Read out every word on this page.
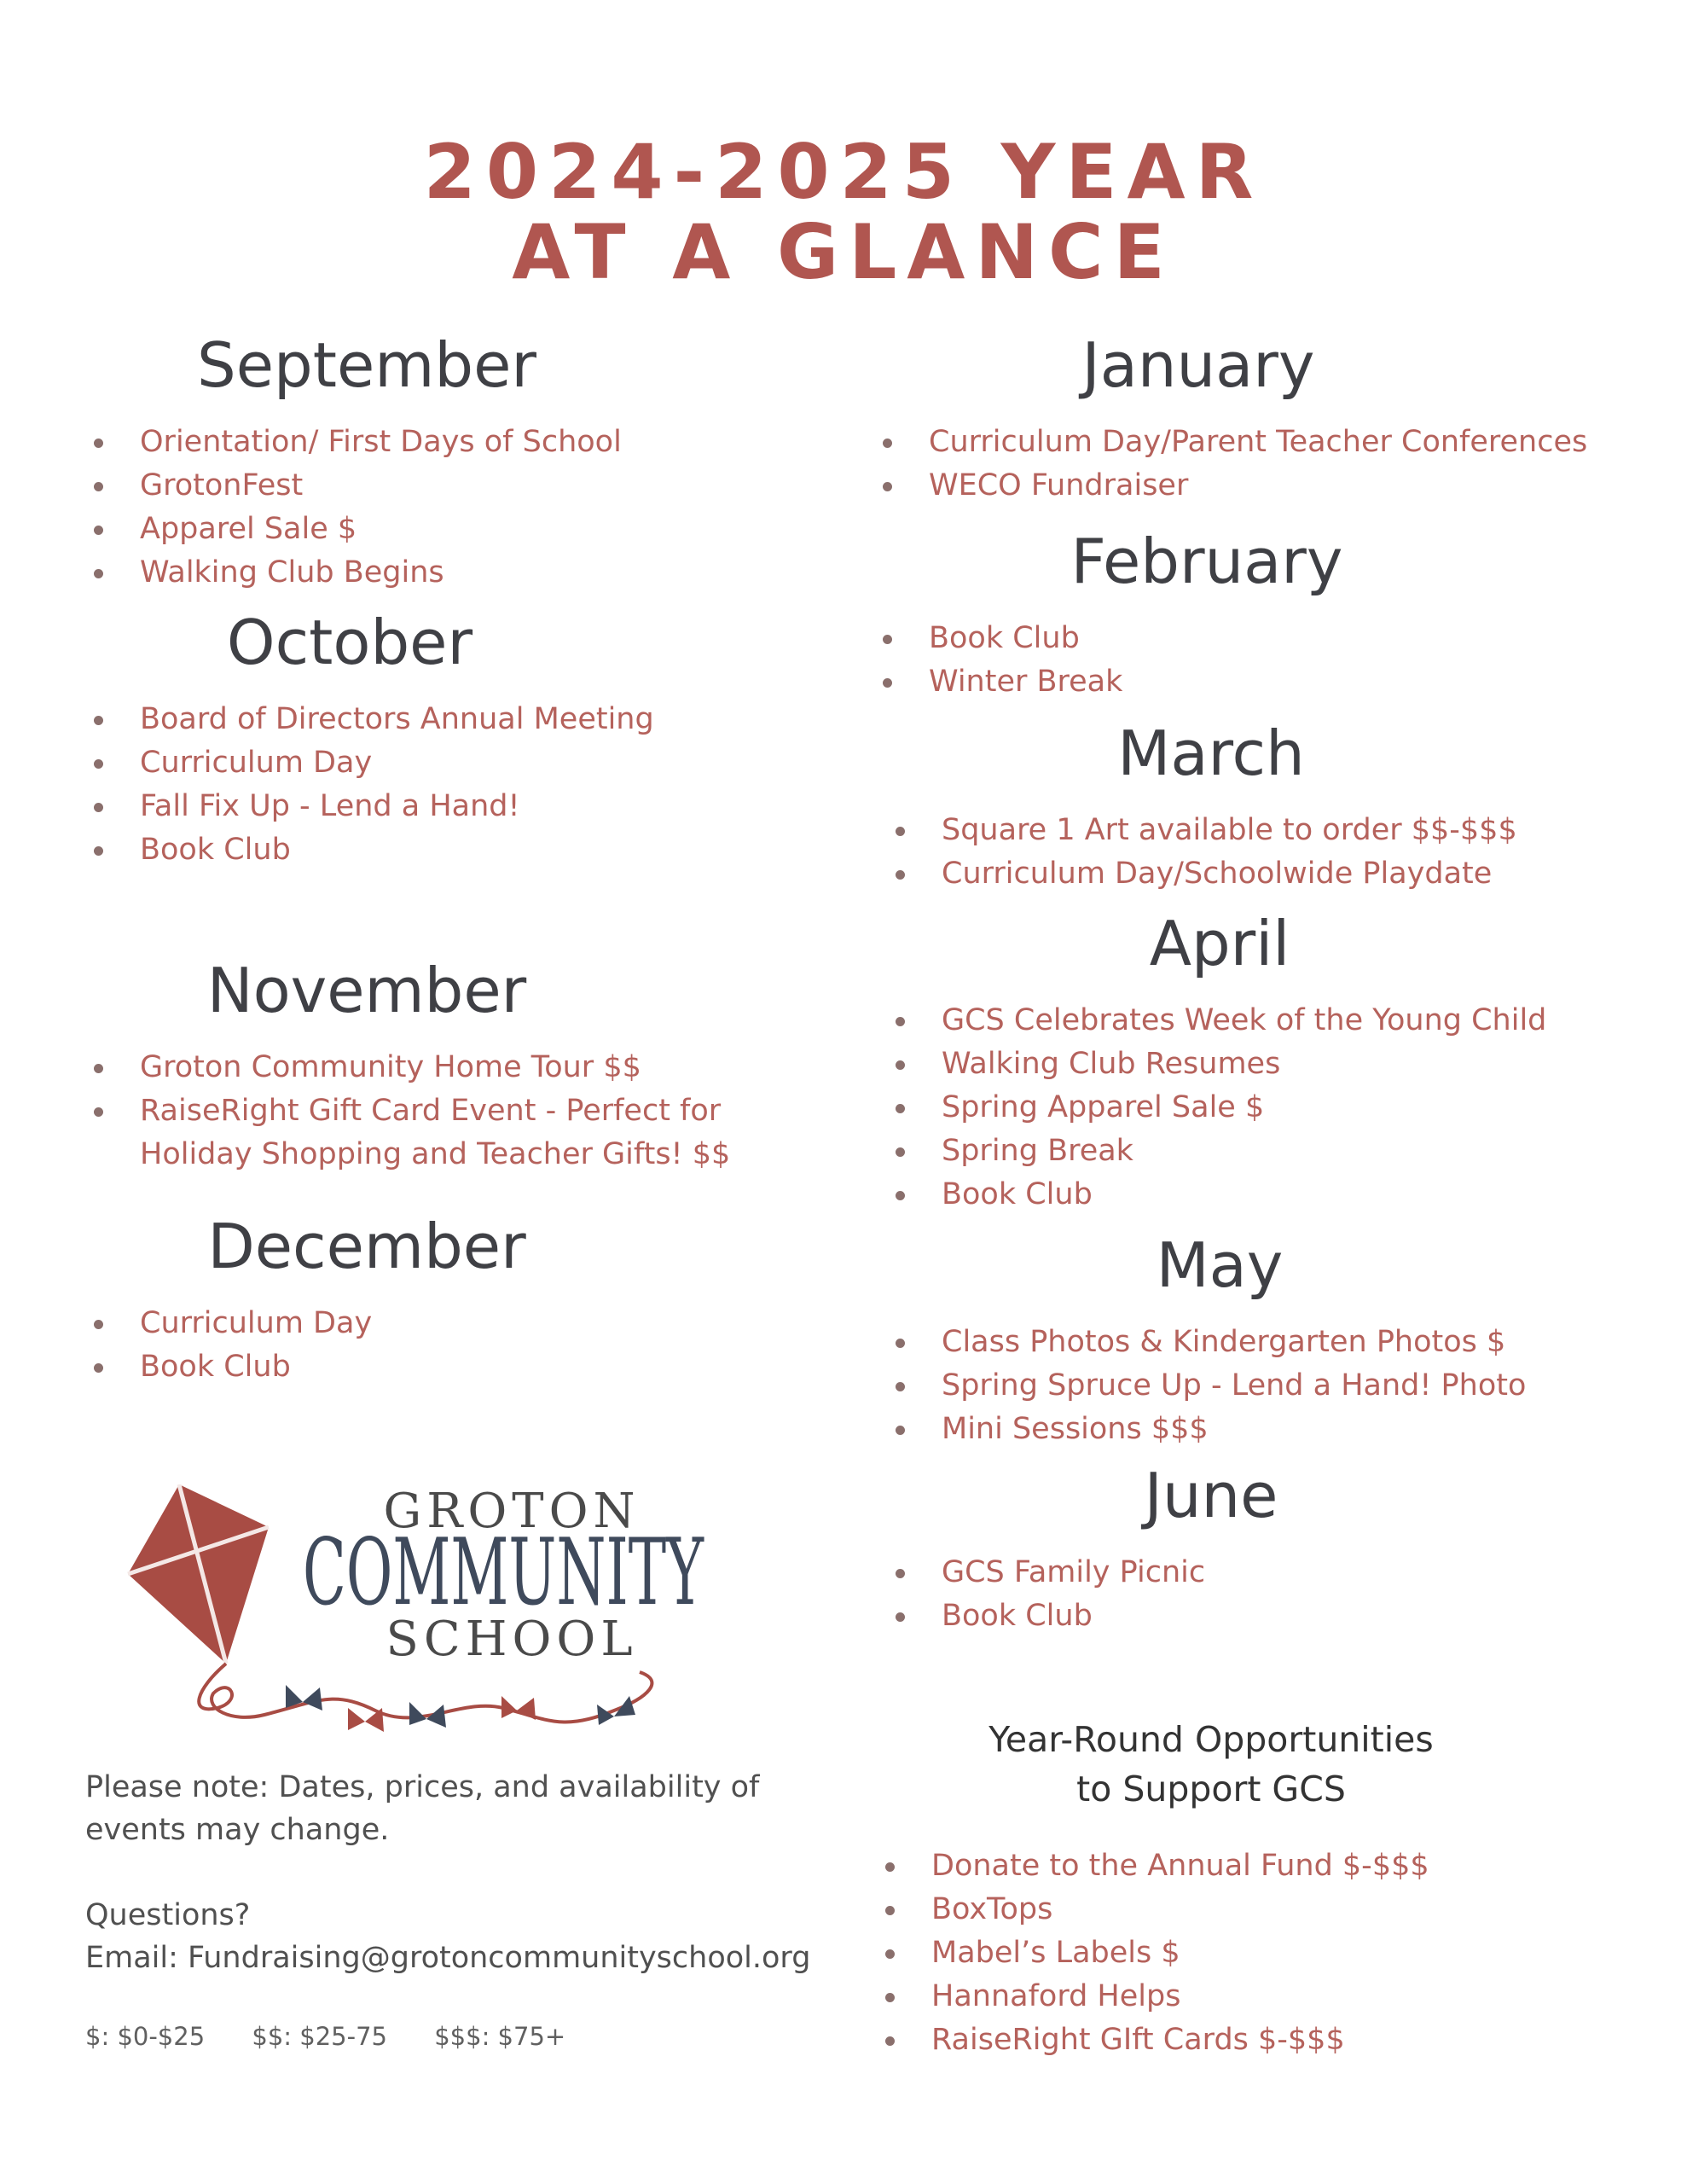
2024-2025 YEAR
AT A GLANCE
September
Orientation/ First Days of School
GrotonFest
Apparel Sale $
Walking Club Begins
October
Board of Directors Annual Meeting
Curriculum Day
Fall Fix Up - Lend a Hand!
Book Club
November
Groton Community Home Tour $$
RaiseRight Gift Card Event - Perfect for
Holiday Shopping and Teacher Gifts! $$
December
Curriculum Day
Book Club
January
Curriculum Day/Parent Teacher Conferences
WECO Fundraiser
February
Book Club
Winter Break
March
Square 1 Art available to order $$-$$$
Curriculum Day/Schoolwide Playdate
April
GCS Celebrates Week of the Young Child
Walking Club Resumes
Spring Apparel Sale $
Spring Break
Book Club
May
Class Photos & Kindergarten Photos $
Spring Spruce Up - Lend a Hand! Photo
Mini Sessions $$$
June
GCS Family Picnic
Book Club
GROTON
COMMUNITY
SCHOOL
Please note: Dates, prices, and availability of
events may change.
Questions?
Email: Fundraising@grotoncommunityschool.org
$: $0-$25 $$: $25-75 $$$: $75+
Year-Round Opportunities
to Support GCS
Donate to the Annual Fund $-$$$
BoxTops
Mabel’s Labels $
Hannaford Helps
RaiseRight GIft Cards $-$$$
